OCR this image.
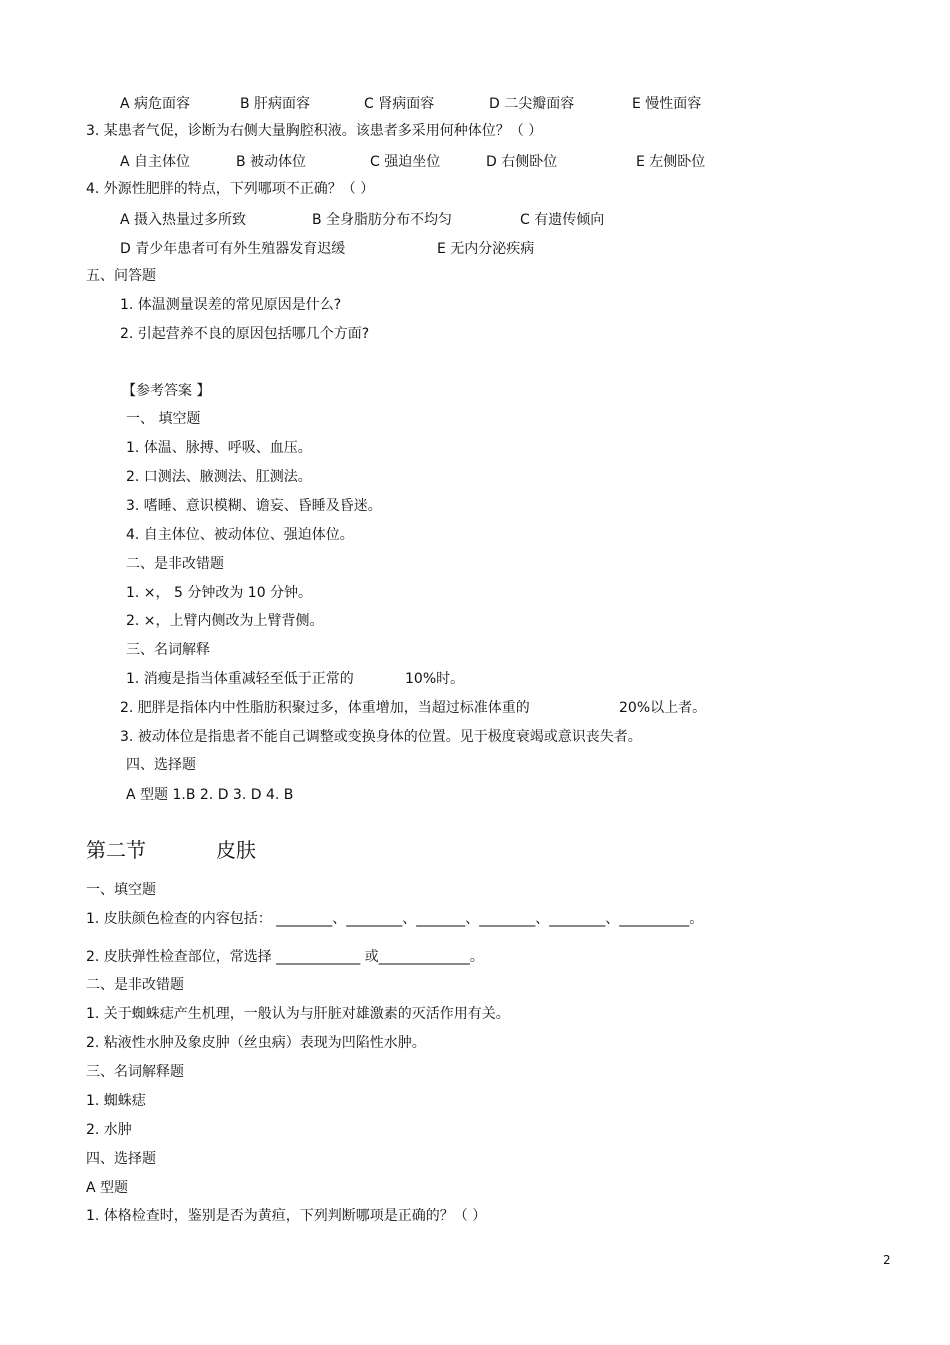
A 病危面容	B 肝病面容	C 肾病面容	D 二尖瓣面容	E 慢性面容
3. 某患者气促，诊断为右侧大量胸腔积液。该患者多采用何种体位？（ ）
A 自主体位	B 被动体位	C 强迫坐位	D 右侧卧位	E 左侧卧位
4. 外源性肥胖的特点，下列哪项不正确？（ ）
A 摄入热量过多所致	B 全身脂肪分布不均匀	C 有遗传倾向
D 青少年患者可有外生殖器发育迟缓	E 无内分泌疾病
五、问答题
1. 体温测量误差的常见原因是什么?
2. 引起营养不良的原因包括哪几个方面?
【参考答案 】
一、 填空题
1. 体温、脉搏、呼吸、血压。
2. 口测法、腋测法、肛测法。
3. 嗜睡、意识模糊、谵妄、昏睡及昏迷。
4. 自主体位、被动体位、强迫体位。
二、是非改错题
1. ×， 5 分钟改为 10 分钟。
2. ×，上臂内侧改为上臂背侧。
三、名词解释
1. 消瘦是指当体重减轻至低于正常的	10%时。
2. 肥胖是指体内中性脂肪积聚过多，体重增加，当超过标准体重的	20%以上者。
3. 被动体位是指患者不能自己调整或变换身体的位置。见于极度衰竭或意识丧失者。
四、选择题
A 型题 1.B 2. D 3. D 4. B
第二节	皮肤
一、填空题
1. 皮肤颜色检查的内容包括： ________、________、_______、________、________、__________。
2. 皮肤弹性检查部位，常选择 ____________ 或_____________。
二、是非改错题
1. 关于蜘蛛痣产生机理，一般认为与肝脏对雄激素的灭活作用有关。
2. 粘液性水肿及象皮肿（丝虫病）表现为凹陷性水肿。
三、名词解释题
1. 蜘蛛痣
2. 水肿
四、选择题
A 型题
1. 体格检查时，鉴别是否为黄疸，下列判断哪项是正确的？（ ）
2
